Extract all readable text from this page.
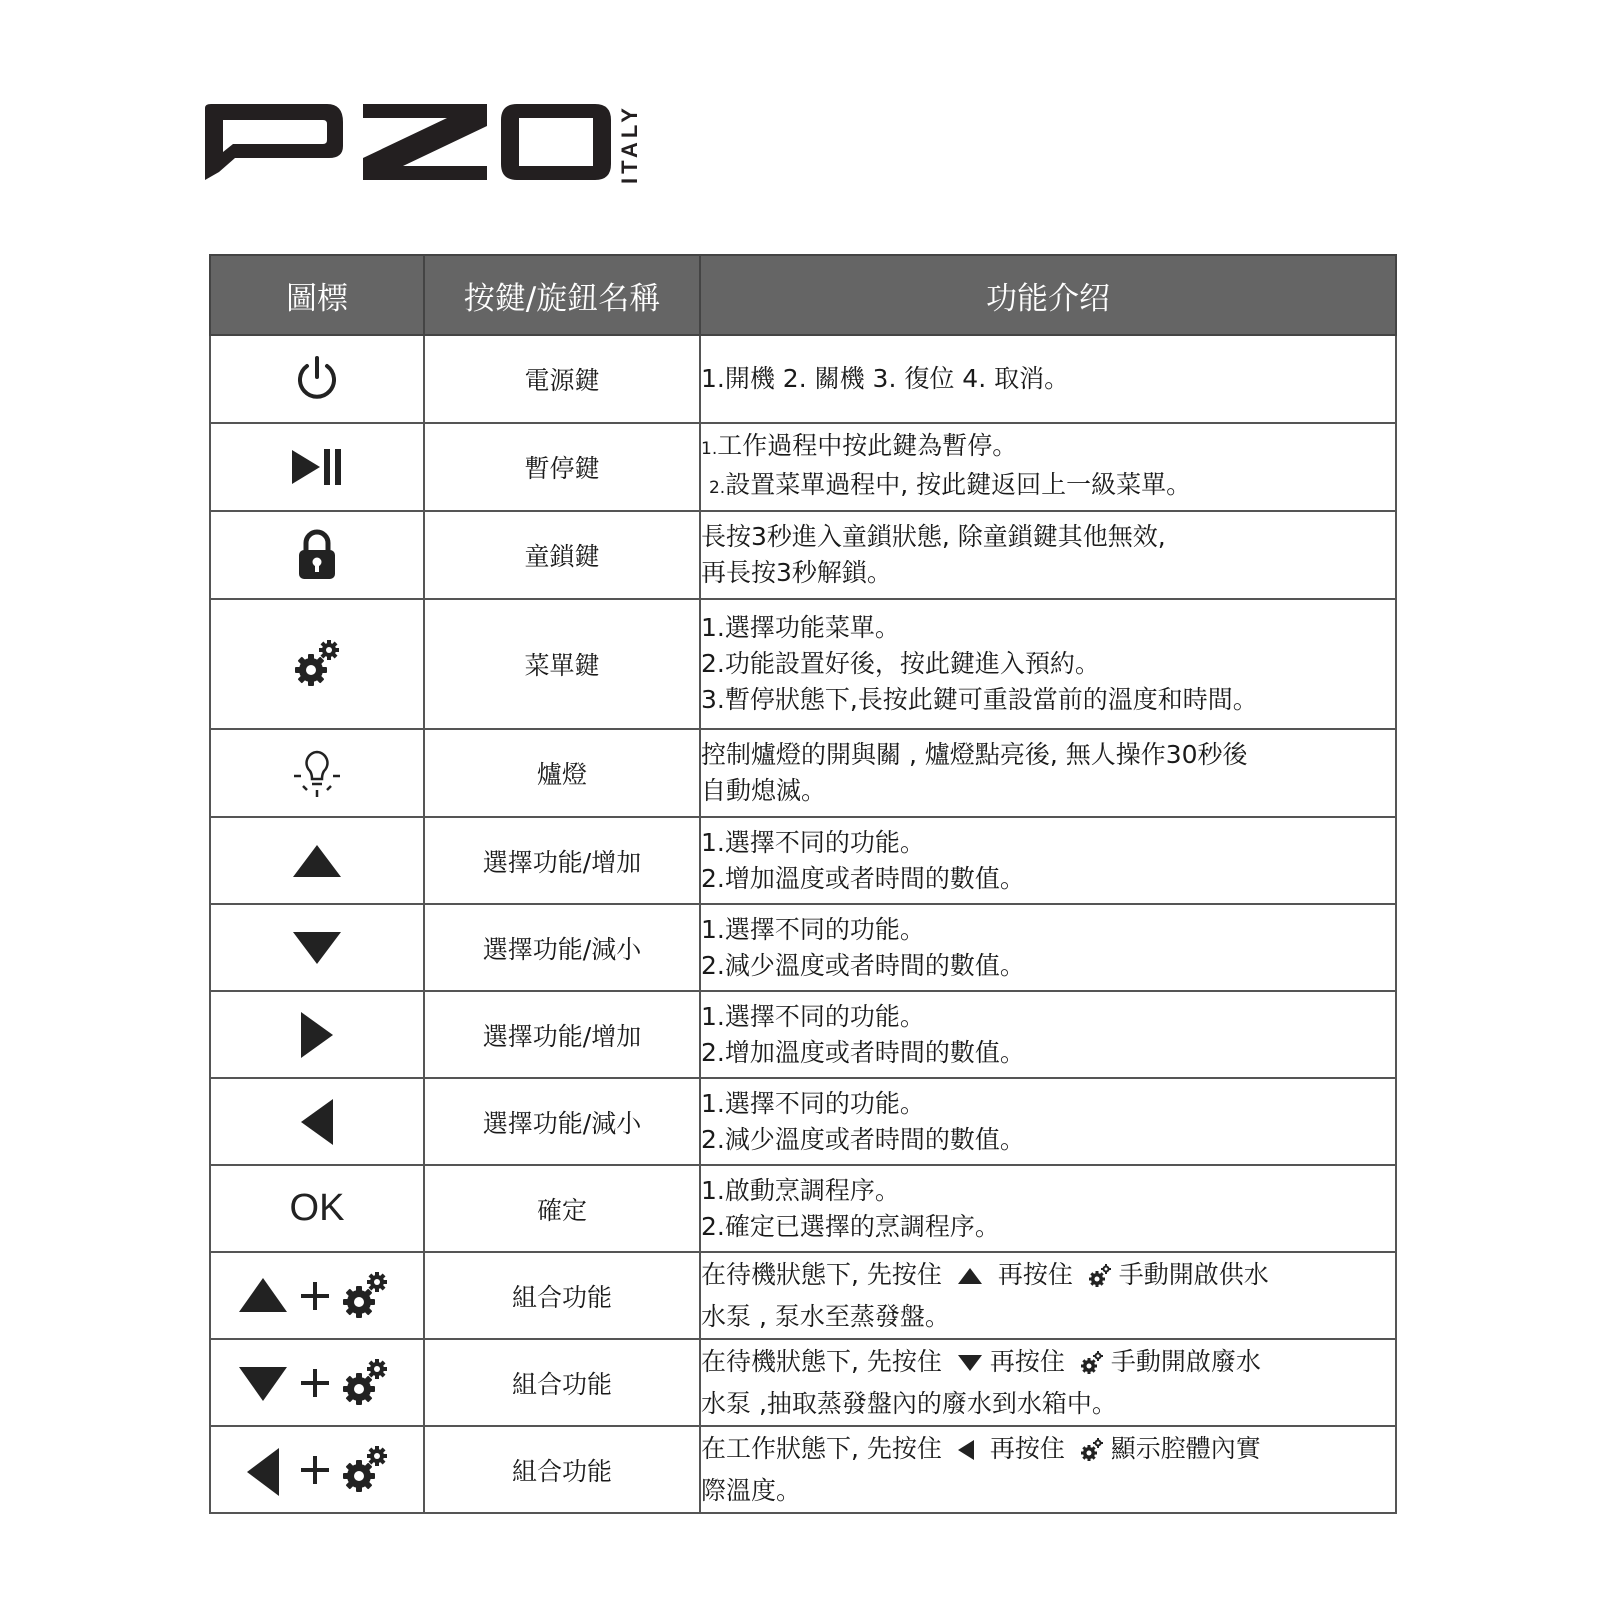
ITALY
圖標	按鍵/旋鈕名稱	功能介绍
	電源鍵	1.開機 2. 關機 3. 復位 4. 取消。

	暫停鍵	1.工作過程中按此鍵為暫停。
2.設置菜單過程中, 按此鍵返回上一級菜單。

	童鎖鍵	長按3秒進入童鎖狀態, 除童鎖鍵其他無效,
再長按3秒解鎖。

	菜單鍵	1.選擇功能菜單。
2.功能設置好後，按此鍵進入預約。
3.暫停狀態下,長按此鍵可重設當前的溫度和時間。

	爐燈	控制爐燈的開與關 , 爐燈點亮後, 無人操作30秒後
自動熄滅。

	選擇功能/增加	1.選擇不同的功能。
2.增加溫度或者時間的數值。

	選擇功能/減小	1.選擇不同的功能。
2.減少溫度或者時間的數值。

	選擇功能/增加	1.選擇不同的功能。
2.增加溫度或者時間的數值。

	選擇功能/減小	1.選擇不同的功能。
2.減少溫度或者時間的數值。

OK	確定	1.啟動烹調程序。
2.確定已選擇的烹調程序。

	組合功能	在待機狀態下, 先按住 再按住 手動開啟供水
水泵 , 泵水至蒸發盤。

	組合功能	在待機狀態下, 先按住 再按住 手動開啟廢水
水泵 ,抽取蒸發盤內的廢水到水箱中。

	組合功能	在工作狀態下, 先按住 再按住 顯示腔體內實
際溫度。
